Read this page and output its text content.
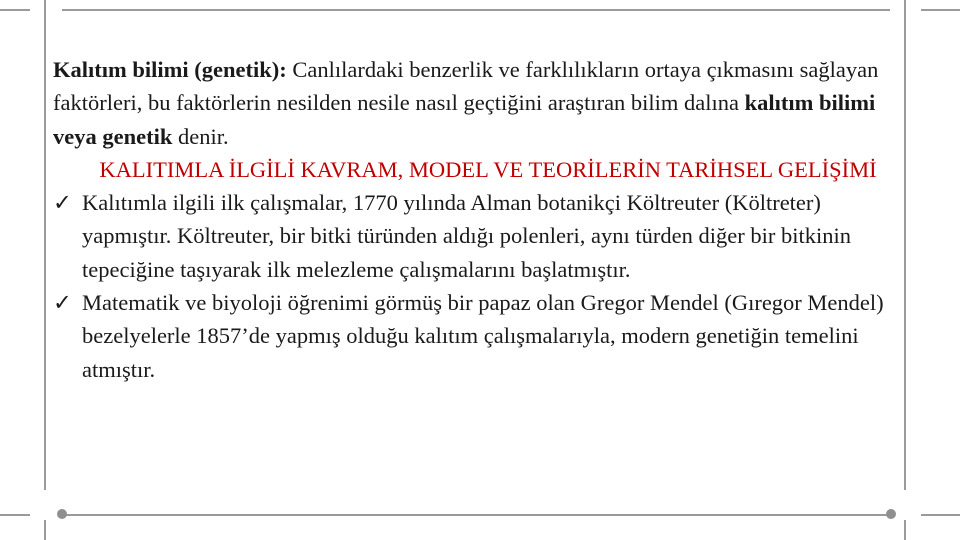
Kalıtım bilimi (genetik): Canlılardaki benzerlik ve farklılıkların ortaya çıkmasını sağlayan faktörleri, bu faktörlerin nesilden nesile nasıl geçtiğini araştıran bilim dalına kalıtım bilimi veya genetik denir.

KALITIMLA İLGİLİ KAVRAM, MODEL VE TEORİLERİN TARİHSEL GELİŞİMİ

✓ Kalıtımla ilgili ilk çalışmalar, 1770 yılında Alman botanikçi Költreuter (Költreter) yapmıştır. Költreuter, bir bitki türünden aldığı polenleri, aynı türden diğer bir bitkinin tepeciğine taşıyarak ilk melezleme çalışmalarını başlatmıştır.
✓ Matematik ve biyoloji öğrenimi görmüş bir papaz olan Gregor Mendel (Gıregor Mendel) bezelyelerle 1857’de yapmış olduğu kalıtım çalışmalarıyla, modern genetiğin temelini atmıştır.
